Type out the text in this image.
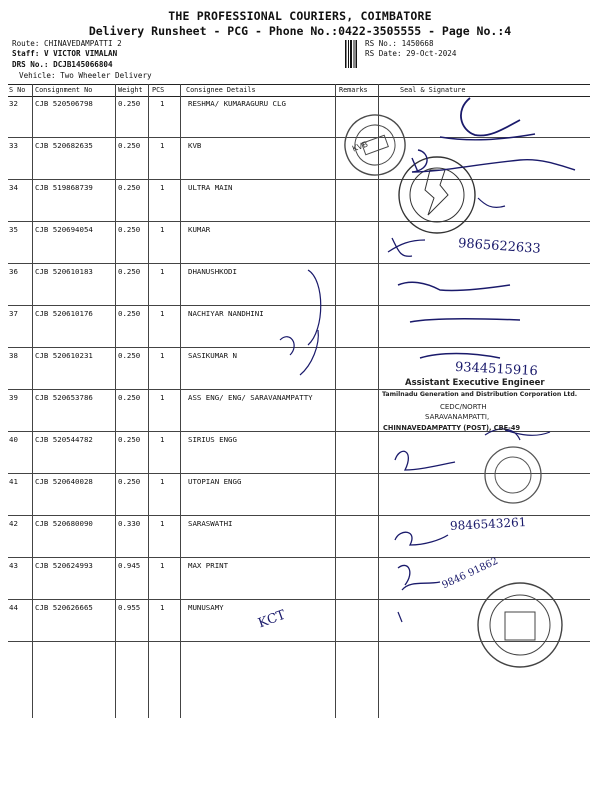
THE PROFESSIONAL COURIERS, COIMBATORE
Delivery Runsheet - PCG - Phone No.:0422-3505555 - Page No.:4
Route: CHINAVEDAMPATTI 2
Staff: V VICTOR VIMALAN
DRS No.: DCJB145066804
Vehicle: Two Wheeler Delivery
RS No.: 1450668
RS Date: 29-Oct-2024
S No Consignment No	Weight PCS	Consignee Details	Remarks	Seal & Signature
32 CJB 520506798	0.250	1	RESHMA/ KUMARAGURU CLG
33 CJB 520682635	0.250	1	KVB
34 CJB 519868739	0.250	1	ULTRA MAIN
35 CJB 520694054	0.250	1	KUMAR
36 CJB 520610183	0.250	1	DHANUSHKODI
37 CJB 520610176	0.250	1	NACHIYAR NANDHINI
38 CJB 520610231	0.250	1	SASIKUMAR N
39 CJB 520653786	0.250	1	ASS ENG/ ENG/ SARAVANAMPATTY
40 CJB 520544782	0.250	1	SIRIUS ENGG
41 CJB 520640028	0.250	1	UTOPIAN ENGG
42 CJB 520680090	0.330	1	SARASWATHI
43 CJB 520624993	0.945	1	MAX PRINT
44 CJB 520626665	0.955	1	MUNUSAMY
KVB
9865622633
9344515916
9846543261
9846 91862
KCT
Assistant Executive Engineer
Tamilnadu Generation and Distribution Corporation Ltd.
CEDC/NORTH
SARAVANAMPATTI,
CHINNAVEDAMPATTY (POST), CBE-49
